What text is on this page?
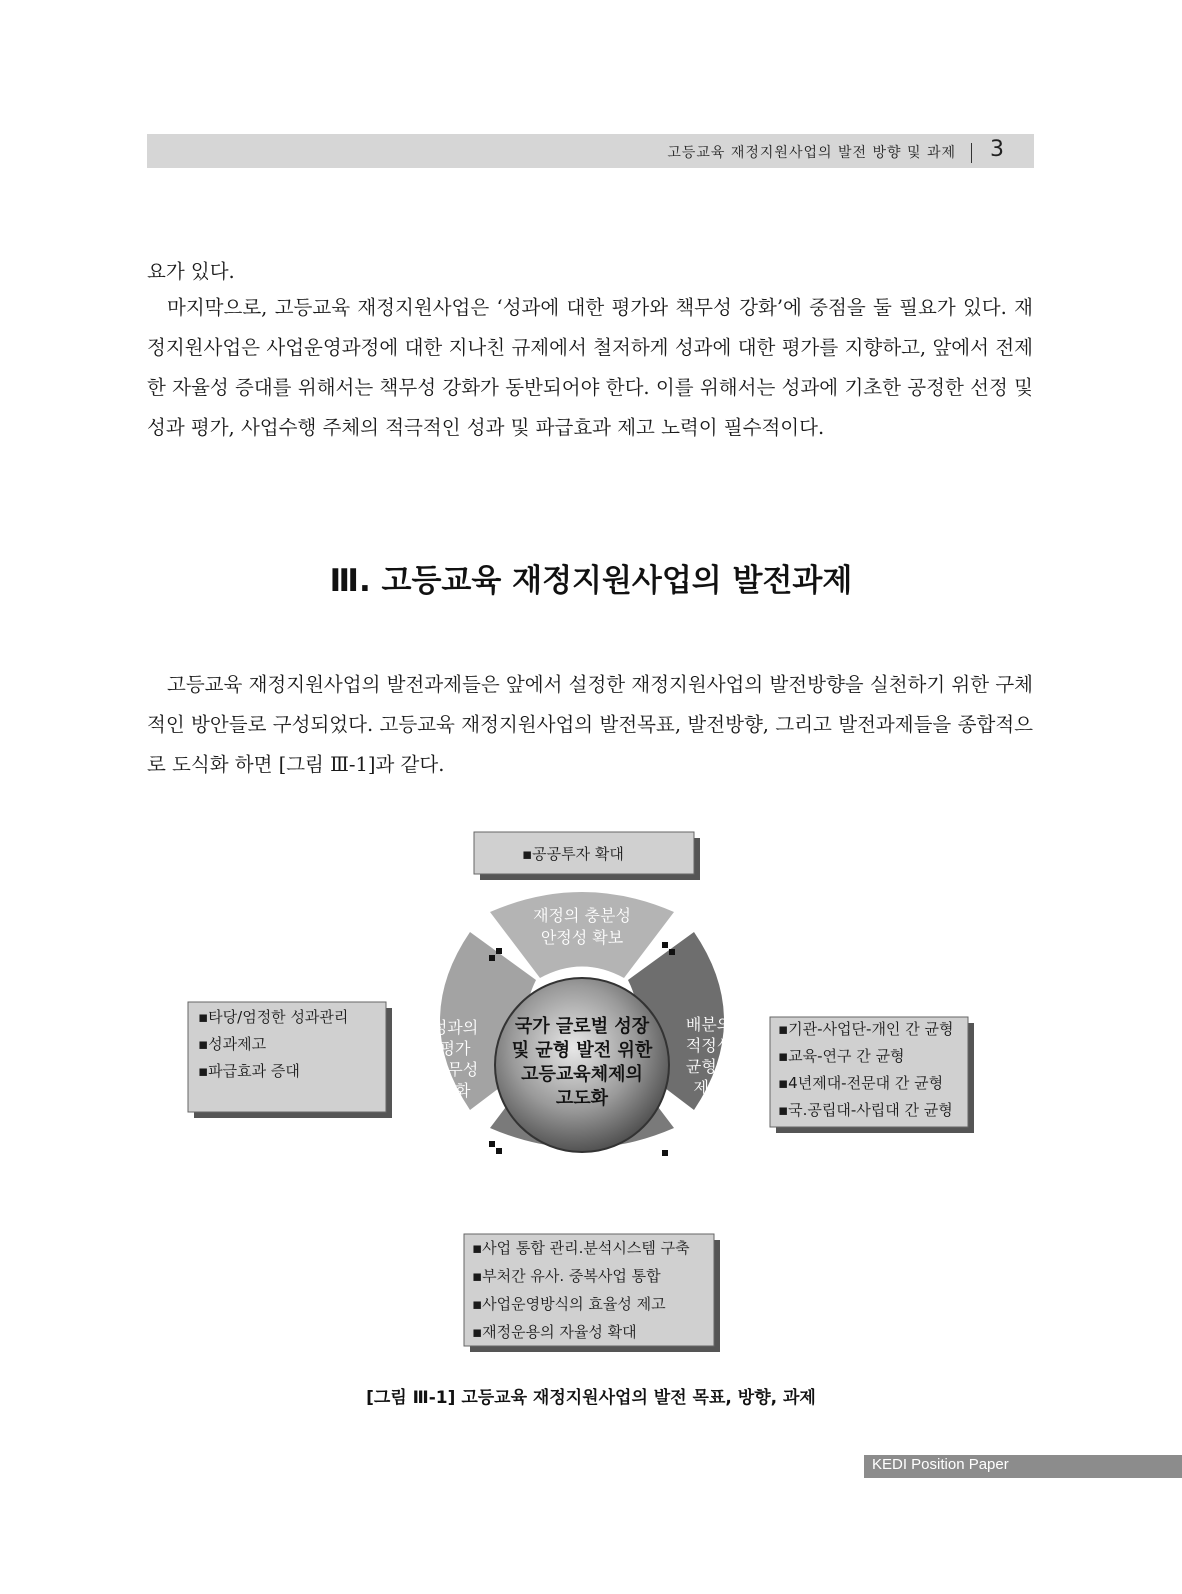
고등교육 재정지원사업의 발전 방향 및 과제 3

요가 있다.

마지막으로, 고등교육 재정지원사업은 ‘성과에 대한 평가와 책무성 강화’에 중점을 둘 필요가 있다. 재정지원사업은 사업운영과정에 대한 지나친 규제에서 철저하게 성과에 대한 평가를 지향하고, 앞에서 전제한 자율성 증대를 위해서는 책무성 강화가 동반되어야 한다. 이를 위해서는 성과에 기초한 공정한 선정 및 성과 평가, 사업수행 주체의 적극적인 성과 및 파급효과 제고 노력이 필수적이다.

Ⅲ. 고등교육 재정지원사업의 발전과제

고등교육 재정지원사업의 발전과제들은 앞에서 설정한 재정지원사업의 발전방향을 실천하기 위한 구체적인 방안들로 구성되었다. 고등교육 재정지원사업의 발전목표, 발전방향, 그리고 발전과제들을 종합적으로 도식화 하면 [그림 Ⅲ-1]과 같다.

▪공공투자 확대
국가 글로벌 성장
및 균형 발전 위한
고등교육체제의
고도화
재정의 충분성
안정성 확보
배분의
적정성
균형성
제고
운영의 효율성
자율성 강화
성과의
평가
책무성
강화
▪타당/엄정한 성과관리
▪성과제고
▪파급효과 증대
▪기관-사업단-개인 간 균형
▪교육-연구 간 균형
▪4년제대-전문대 간 균형
▪국.공립대-사립대 간 균형
▪사업 통합 관리.분석시스템 구축
▪부처간 유사. 중복사업 통합
▪사업운영방식의 효율성 제고
▪재정운용의 자율성 확대
[그림 Ⅲ-1] 고등교육 재정지원사업의 발전 목표, 방향, 과제
KEDI Position Paper
